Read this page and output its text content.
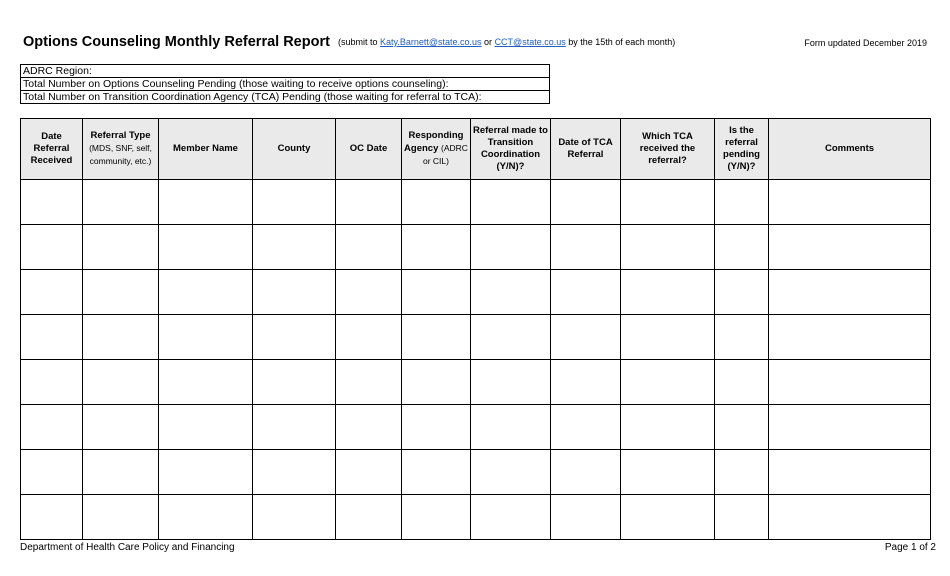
Options Counseling Monthly Referral Report (submit to Katy.Barnett@state.co.us or CCT@state.co.us by the 15th of each month)	Form updated December 2019
ADRC Region:
Total Number on Options Counseling Pending (those waiting to receive options counseling):
Total Number on Transition Coordination Agency (TCA) Pending (those waiting for referral to TCA):
Date Referral Received	Referral Type (MDS, SNF, self, community, etc.)	Member Name	County	OC Date	Responding Agency (ADRC or CIL)	Referral made to Transition Coordination (Y/N)?	Date of TCA Referral	Which TCA received the referral?	Is the referral pending (Y/N)?	Comments

Department of Health Care Policy and Financing	Page 1 of 2
